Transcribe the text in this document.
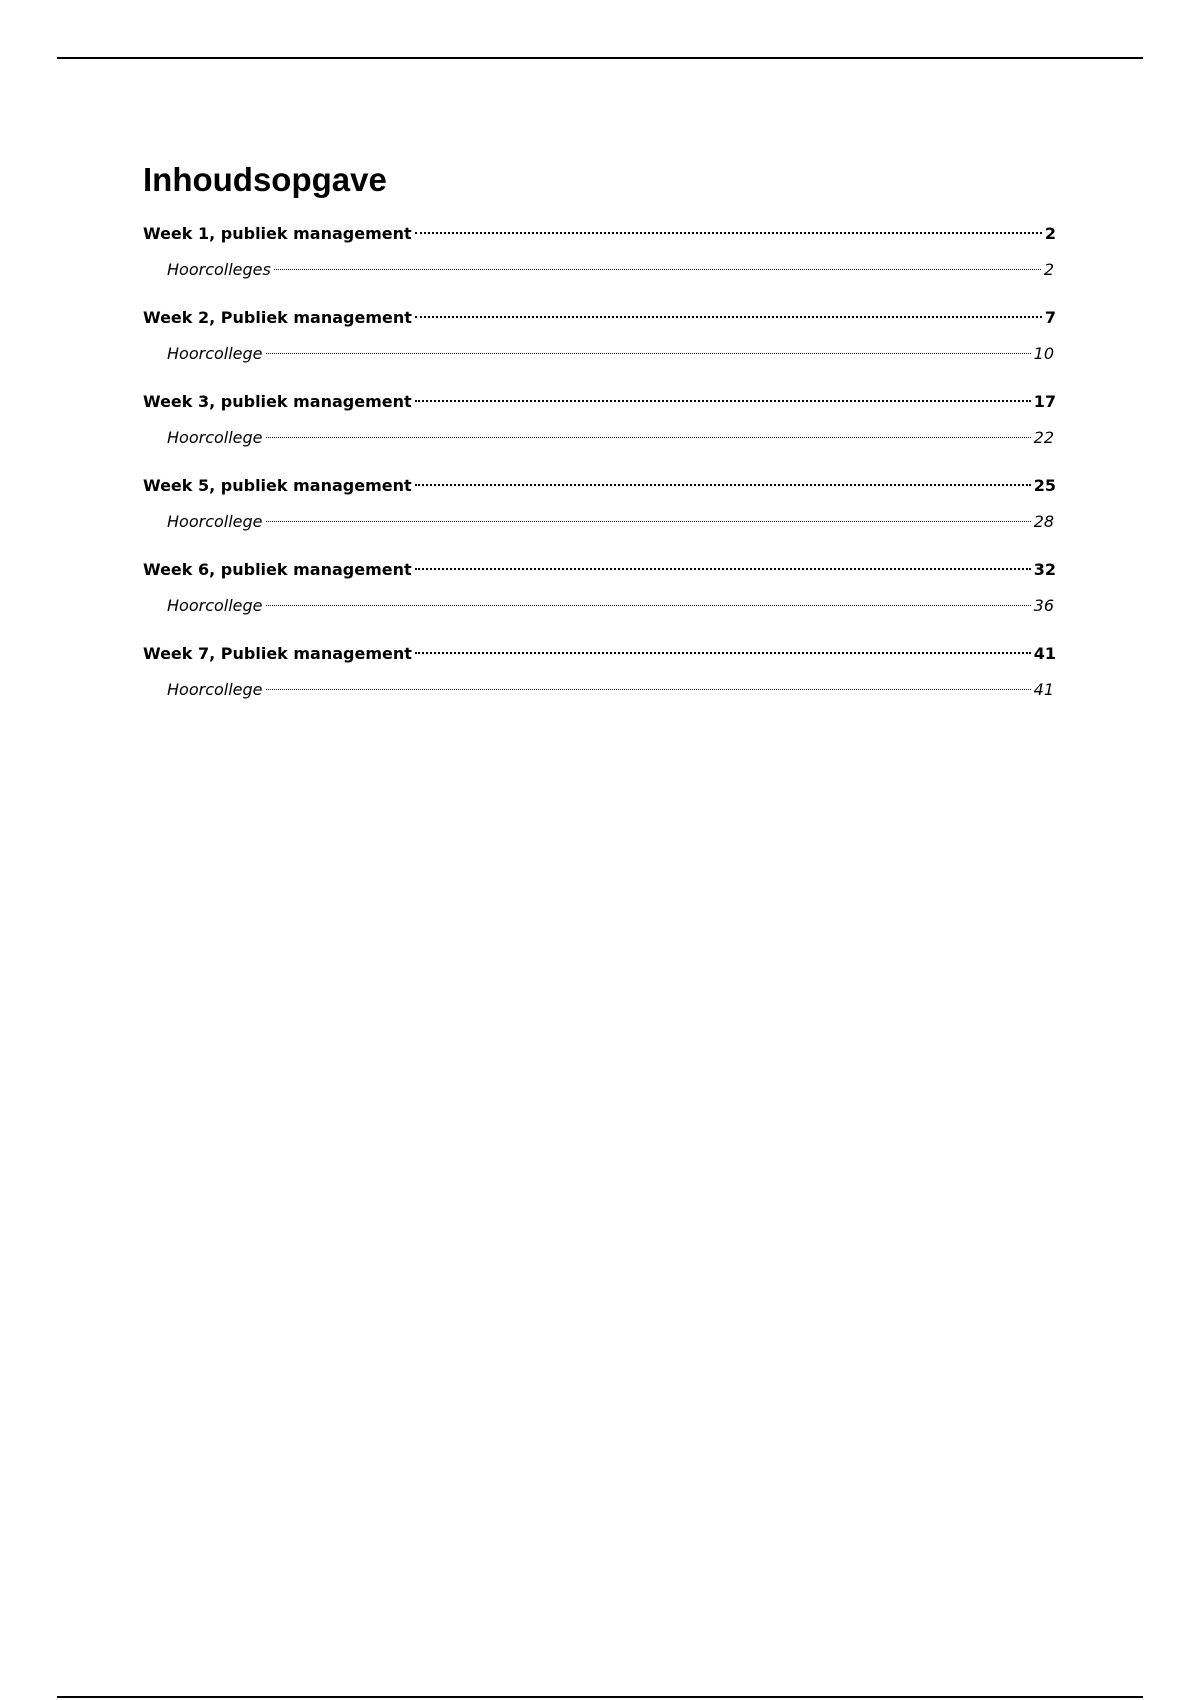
Inhoudsopgave
Week 1, publiek management	2
Hoorcolleges	2
Week 2, Publiek management	7
Hoorcollege	10
Week 3, publiek management	17
Hoorcollege	22
Week 5, publiek management	25
Hoorcollege	28
Week 6, publiek management	32
Hoorcollege	36
Week 7, Publiek management	41
Hoorcollege	41
